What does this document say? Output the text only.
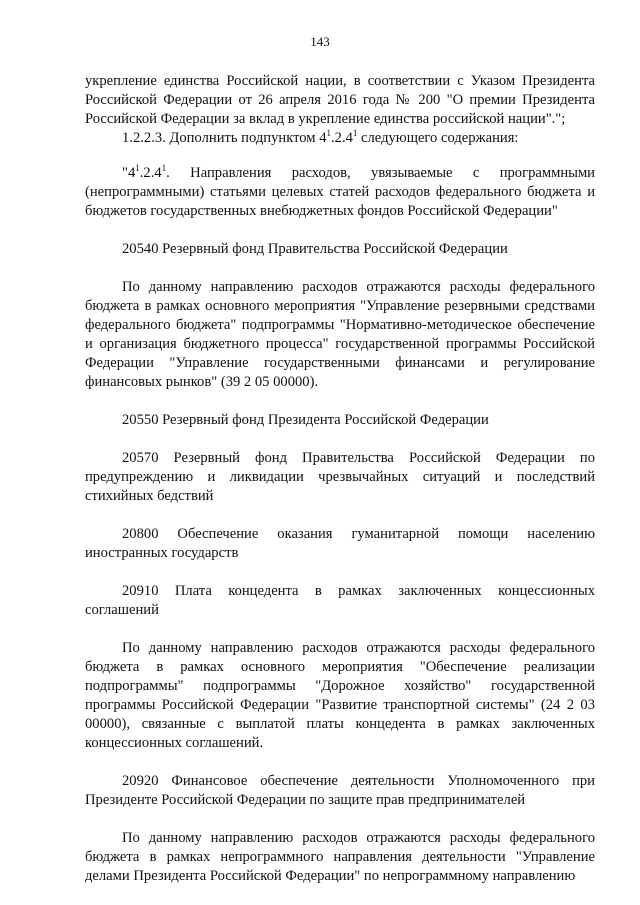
143

укрепление единства Российской нации, в соответствии с Указом Президента Российской Федерации от 26 апреля 2016 года № 200 "О премии Президента Российской Федерации за вклад в укрепление единства российской нации".";

1.2.2.3. Дополнить подпунктом $4^1.2.4^1$ следующего содержания:

"$4^1.2.4^1$. Направления расходов, увязываемые с программными (непрограммными) статьями целевых статей расходов федерального бюджета и бюджетов государственных внебюджетных фондов Российской Федерации"

20540 Резервный фонд Правительства Российской Федерации

По данному направлению расходов отражаются расходы федерального бюджета в рамках основного мероприятия "Управление резервными средствами федерального бюджета" подпрограммы "Нормативно-методическое обеспечение и организация бюджетного процесса" государственной программы Российской Федерации "Управление государственными финансами и регулирование финансовых рынков" (39 2 05 00000).

20550 Резервный фонд Президента Российской Федерации

20570 Резервный фонд Правительства Российской Федерации по предупреждению и ликвидации чрезвычайных ситуаций и последствий стихийных бедствий

20800 Обеспечение оказания гуманитарной помощи населению иностранных государств

20910 Плата концедента в рамках заключенных концессионных соглашений

По данному направлению расходов отражаются расходы федерального бюджета в рамках основного мероприятия "Обеспечение реализации подпрограммы" подпрограммы "Дорожное хозяйство" государственной программы Российской Федерации "Развитие транспортной системы" (24 2 03 00000), связанные с выплатой платы концедента в рамках заключенных концессионных соглашений.

20920 Финансовое обеспечение деятельности Уполномоченного при Президенте Российской Федерации по защите прав предпринимателей

По данному направлению расходов отражаются расходы федерального бюджета в рамках непрограммного направления деятельности "Управление делами Президента Российской Федерации" по непрограммному направлению
